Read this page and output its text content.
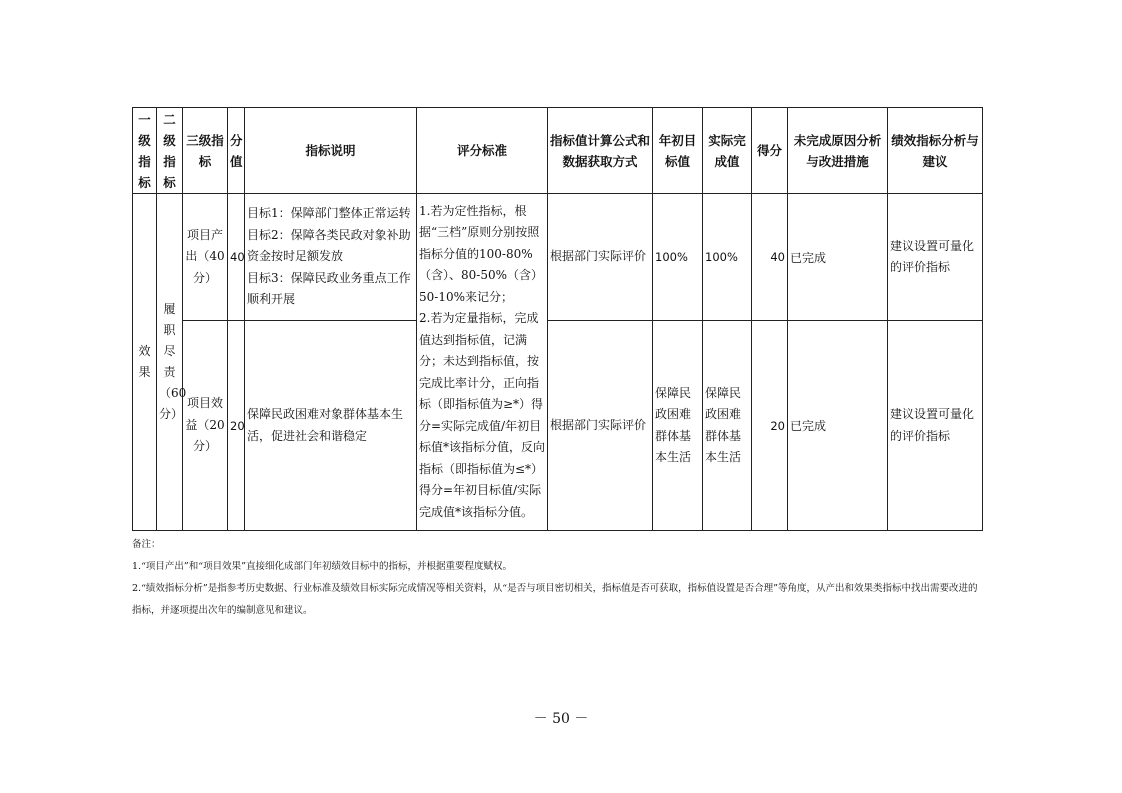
一级指标	二级指标	三级指标	分值	指标说明	评分标准	指标值计算公式和数据获取方式	年初目标值	实际完成值	得分	未完成原因分析与改进措施	绩效指标分析与建议
效果	履职尽责（60分）	项目产出（40分）	40	目标1：保障部门整体正常运转
目标2：保障各类民政对象补助资金按时足额发放
目标3：保障民政业务重点工作顺利开展	1.若为定性指标，根据“三档”原则分别按照指标分值的100-80%（含）、80-50%（含）50-10%来记分；
2.若为定量指标，完成值达到指标值，记满分；未达到指标值，按完成比率计分，正向指标（即指标值为≥*）得分=实际完成值/年初目标值*该指标分值，反向指标（即指标值为≤*）得分=年初目标值/实际完成值*该指标分值。	根据部门实际评价	100%	100%	40	已完成	建议设置可量化的评价指标
		项目效益（20分）	20	保障民政困难对象群体基本生活，促进社会和谐稳定		根据部门实际评价	保障民政困难群体基本生活	保障民政困难群体基本生活	20	已完成	建议设置可量化的评价指标
备注：
1.“项目产出”和“项目效果”直接细化成部门年初绩效目标中的指标，并根据重要程度赋权。
2.“绩效指标分析”是指参考历史数据、行业标准及绩效目标实际完成情况等相关资料，从“是否与项目密切相关，指标值是否可获取，指标值设置是否合理”等角度，从产出和效果类指标中找出需要改进的指标，并逐项提出次年的编制意见和建议。
－ 50 －
